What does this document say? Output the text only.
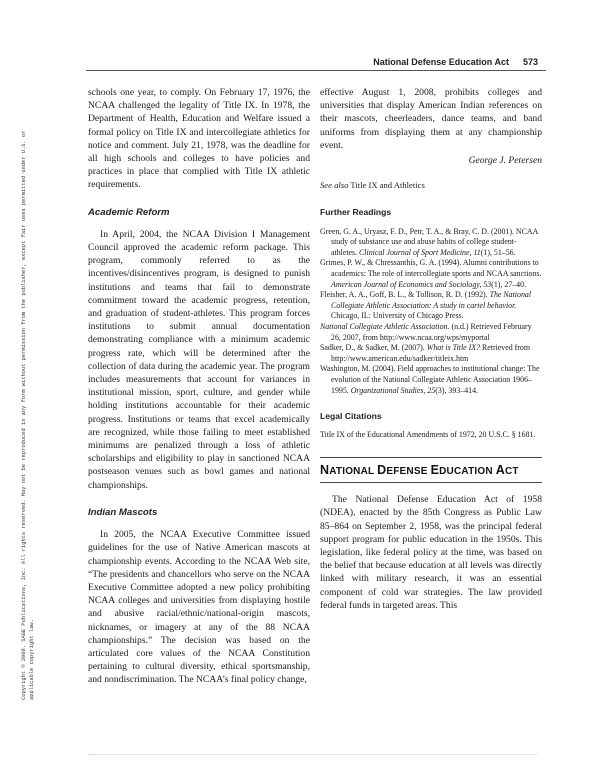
National Defense Education Act 573
Copyright © 2008. SAGE Publications, Inc. All rights reserved. May not be reproduced in any form without permission from the publisher, except fair uses permitted under U.S. or applicable copyright law.

schools one year, to comply. On February 17, 1976, the NCAA challenged the legality of Title IX. In 1978, the Department of Health, Education and Welfare issued a formal policy on Title IX and intercollegiate athletics for notice and comment. July 21, 1978, was the deadline for all high schools and colleges to have policies and practices in place that complied with Title IX athletic requirements.

Academic Reform

In April, 2004, the NCAA Division I Management Council approved the academic reform package. This program, commonly referred to as the incentives/disincentives program, is designed to punish institutions and teams that fail to demonstrate commitment toward the academic progress, retention, and graduation of student-athletes. This program forces institutions to submit annual documentation demonstrating compliance with a minimum academic progress rate, which will be determined after the collection of data during the academic year. The program includes measurements that account for variances in institutional mission, sport, culture, and gender while holding institutions accountable for their academic progress. Institutions or teams that excel academically are recognized, while those failing to meet established minimums are penalized through a loss of athletic scholarships and eligibility to play in sanctioned NCAA postseason venues such as bowl games and national championships.

Indian Mascots

In 2005, the NCAA Executive Committee issued guidelines for the use of Native American mascots at championship events. According to the NCAA Web site, “The presidents and chancellors who serve on the NCAA Executive Committee adopted a new policy prohibiting NCAA colleges and universities from displaying hostile and abusive racial/ethnic/national-origin mascots, nicknames, or imagery at any of the 88 NCAA championships.” The decision was based on the articulated core values of the NCAA Constitution pertaining to cultural diversity, ethical sportsmanship, and nondiscrimination. The NCAA’s final policy change,

effective August 1, 2008, prohibits colleges and universities that display American Indian references on their mascots, cheerleaders, dance teams, and band uniforms from displaying them at any championship event.

George J. Petersen
See also Title IX and Athletics
Further Readings

Green, G. A., Uryasz, F. D., Petr, T. A., & Bray, C. D. (2001). NCAA study of substance use and abuse habits of college student-athletes. Clinical Journal of Sport Medicine, 11(1), 51–56.

Grimes, P. W., & Chressanthis, G. A. (1994). Alumni contributions to academics: The role of intercollegiate sports and NCAA sanctions. American Journal of Economics and Sociology, 53(1), 27–40.

Fleisher, A. A., Goff, B. L., & Tollison, R. D. (1992). The National Collegiate Athletic Association: A study in cartel behavior. Chicago, IL: University of Chicago Press.

National Collegiate Athletic Association. (n.d.) Retrieved February 26, 2007, from http://www.ncaa.org/wps/myportal

Sadker, D., & Sadker, M. (2007). What is Title IX? Retrieved from http://www.american.edu/sadker/titleix.htm

Washington, M. (2004). Field approaches to institutional change: The evolution of the National Collegiate Athletic Association 1906–1995. Organizational Studies, 25(3), 393–414.

Legal Citations

Title IX of the Educational Amendments of 1972, 20 U.S.C. § 1681.

NATIONAL DEFENSE EDUCATION ACT

The National Defense Education Act of 1958 (NDEA), enacted by the 85th Congress as Public Law 85–864 on September 2, 1958, was the principal federal support program for public education in the 1950s. This legislation, like federal policy at the time, was based on the belief that because education at all levels was directly linked with military research, it was an essential component of cold war strategies. The law provided federal funds in targeted areas. This
